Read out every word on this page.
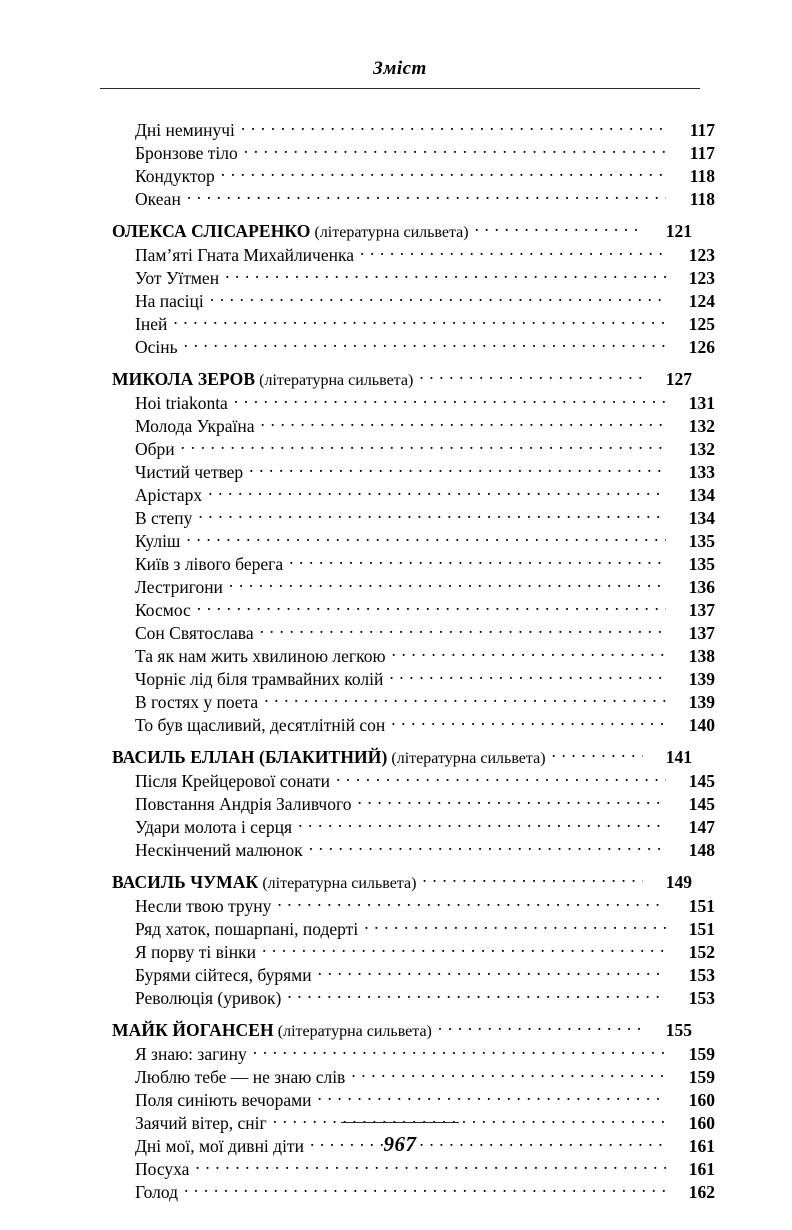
Зміст
Дні неминучі . . .	117
Бронзове тіло . . .	117
Кондуктор . . .	118
Океан . . .	118
ОЛЕКСА СЛІСАРЕНКО (літературна сильвета) . . .	121
Пам’яті Гната Михайличенка . . .	123
Уот Уїтмен . . .	123
На пасіці . . .	124
Іней . . .	125
Осінь . . .	126
МИКОЛА ЗЕРОВ (літературна сильвета) . . .	127
Hoi triakonta . . .	131
Молода Україна . . .	132
Обри . . .	132
Чистий четвер . . .	133
Арістарх . . .	134
В степу . . .	134
Куліш . . .	135
Київ з лівого берега . . .	135
Лестригони . . .	136
Космос . . .	137
Сон Святослава . . .	137
Та як нам жить хвилиною легкою . . .	138
Чорніє лід біля трамвайних колій . . .	139
В гостях у поета . . .	139
То був щасливий, десятлітній сон . . .	140
ВАСИЛЬ ЕЛЛАН (БЛАКИТНИЙ) (літературна сильвета) . . .	141
Після Крейцерової сонати . . .	145
Повстання Андрія Заливчого . . .	145
Удари молота і серця . . .	147
Нескінчений малюнок . . .	148
ВАСИЛЬ ЧУМАК (літературна сильвета) . . .	149
Несли твою труну . . .	151
Ряд хаток, пошарпані, подерті . . .	151
Я порву ті вінки . . .	152
Бурями сійтеся, бурями . . .	153
Революція (уривок) . . .	153
МАЙК ЙОГАНСЕН (літературна сильвета) . . .	155
Я знаю: загину . . .	159
Люблю тебе — не знаю слів . . .	159
Поля синіють вечорами . . .	160
Заячий вітер, сніг . . .	160
Дні мої, мої дивні діти . . .	161
Посуха . . .	161
Голод . . .	162
967
